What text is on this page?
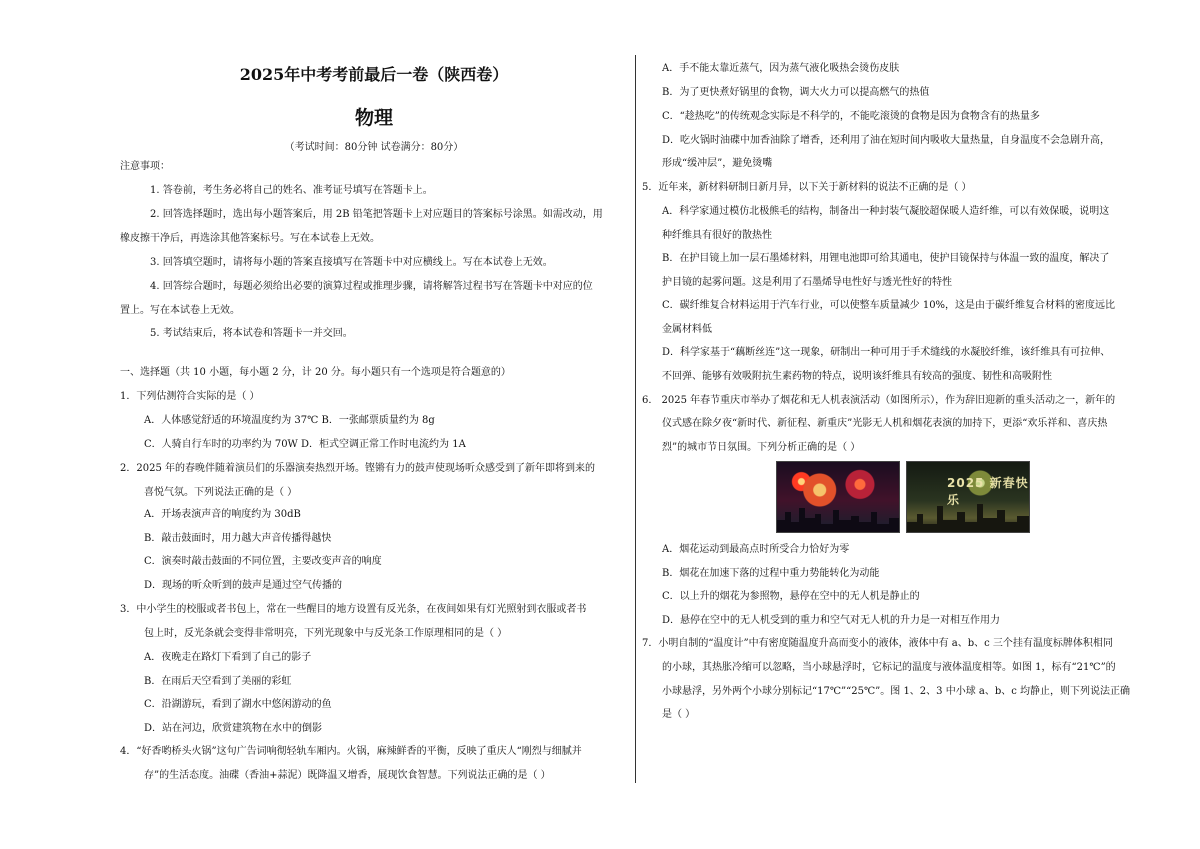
2025年中考考前最后一卷（陕西卷）
物理
（考试时间：80分钟 试卷满分：80分）
注意事项：
1. 答卷前，考生务必将自己的姓名、准考证号填写在答题卡上。
2. 回答选择题时，选出每小题答案后，用 2B 铅笔把答题卡上对应题目的答案标号涂黑。如需改动，用
橡皮擦干净后，再选涂其他答案标号。写在本试卷上无效。
3. 回答填空题时，请将每小题的答案直接填写在答题卡中对应横线上。写在本试卷上无效。
4. 回答综合题时，每题必须给出必要的演算过程或推理步骤，请将解答过程书写在答题卡中对应的位
置上。写在本试卷上无效。
5. 考试结束后，将本试卷和答题卡一并交回。
一、选择题（共 10 小题，每小题 2 分，计 20 分。每小题只有一个选项是符合题意的）
1．下列估测符合实际的是（ ）
A．人体感觉舒适的环境温度约为 37℃ B．一张邮票质量约为 8g
C．人骑自行车时的功率约为 70W D．柜式空调正常工作时电流约为 1A
2．2025 年的春晚伴随着演员们的乐器演奏热烈开场。铿锵有力的鼓声使现场听众感受到了新年即将到来的
喜悦气氛。下列说法正确的是（ ）
A．开场表演声音的响度约为 30dB
B．敲击鼓面时，用力越大声音传播得越快
C．演奏时敲击鼓面的不同位置，主要改变声音的响度
D．现场的听众听到的鼓声是通过空气传播的
3．中小学生的校服或者书包上，常在一些醒目的地方设置有反光条，在夜间如果有灯光照射到衣服或者书
包上时，反光条就会变得非常明亮，下列光现象中与反光条工作原理相同的是（ ）
A．夜晚走在路灯下看到了自己的影子
B．在雨后天空看到了美丽的彩虹
C．沿湖游玩，看到了湖水中悠闲游动的鱼
D．站在河边，欣赏建筑物在水中的倒影
4．“好香哟桥头火锅”这句广告词响彻轻轨车厢内。火锅，麻辣鲜香的平衡，反映了重庆人“刚烈与细腻并
存”的生活态度。油碟（香油+蒜泥）既降温又增香，展现饮食智慧。下列说法正确的是（ ）
A．手不能太靠近蒸气，因为蒸气液化吸热会烫伤皮肤
B．为了更快煮好锅里的食物，调大火力可以提高燃气的热值
C．“趁热吃”的传统观念实际是不科学的，不能吃滚烫的食物是因为食物含有的热量多
D．吃火锅时油碟中加香油除了增香，还利用了油在短时间内吸收大量热量，自身温度不会急剧升高，
形成“缓冲层”，避免烫嘴
5．近年来，新材料研制日新月异，以下关于新材料的说法不正确的是（ ）
A．科学家通过模仿北极熊毛的结构，制备出一种封装气凝胶超保暖人造纤维，可以有效保暖，说明这
种纤维具有很好的散热性
B．在护目镜上加一层石墨烯材料，用锂电池即可给其通电，使护目镜保持与体温一致的温度，解决了
护目镜的起雾问题。这是利用了石墨烯导电性好与透光性好的特性
C．碳纤维复合材料运用于汽车行业，可以使整车质量减少 10%，这是由于碳纤维复合材料的密度远比
金属材料低
D．科学家基于“藕断丝连”这一现象，研制出一种可用于手术缝线的水凝胶纤维，该纤维具有可拉伸、
不回弹、能够有效吸附抗生素药物的特点，说明该纤维具有较高的强度、韧性和高吸附性
6． 2025 年春节重庆市举办了烟花和无人机表演活动（如图所示），作为辞旧迎新的重头活动之一，新年的
仪式感在除夕夜“新时代、新征程、新重庆”光影无人机和烟花表演的加持下，更添“欢乐祥和、喜庆热
烈”的城市节日氛围。下列分析正确的是（ ）
2025 新春快乐
A．烟花运动到最高点时所受合力恰好为零
B．烟花在加速下落的过程中重力势能转化为动能
C．以上升的烟花为参照物，悬停在空中的无人机是静止的
D．悬停在空中的无人机受到的重力和空气对无人机的升力是一对相互作用力
7．小明自制的“温度计”中有密度随温度升高而变小的液体，液体中有 a、b、c 三个挂有温度标牌体积相同
的小球，其热胀冷缩可以忽略，当小球悬浮时，它标记的温度与液体温度相等。如图 1，标有“21℃”的
小球悬浮，另外两个小球分别标记“17℃”“25℃”。图 1、2、3 中小球 a、b、c 均静止，则下列说法正确
是（ ）
